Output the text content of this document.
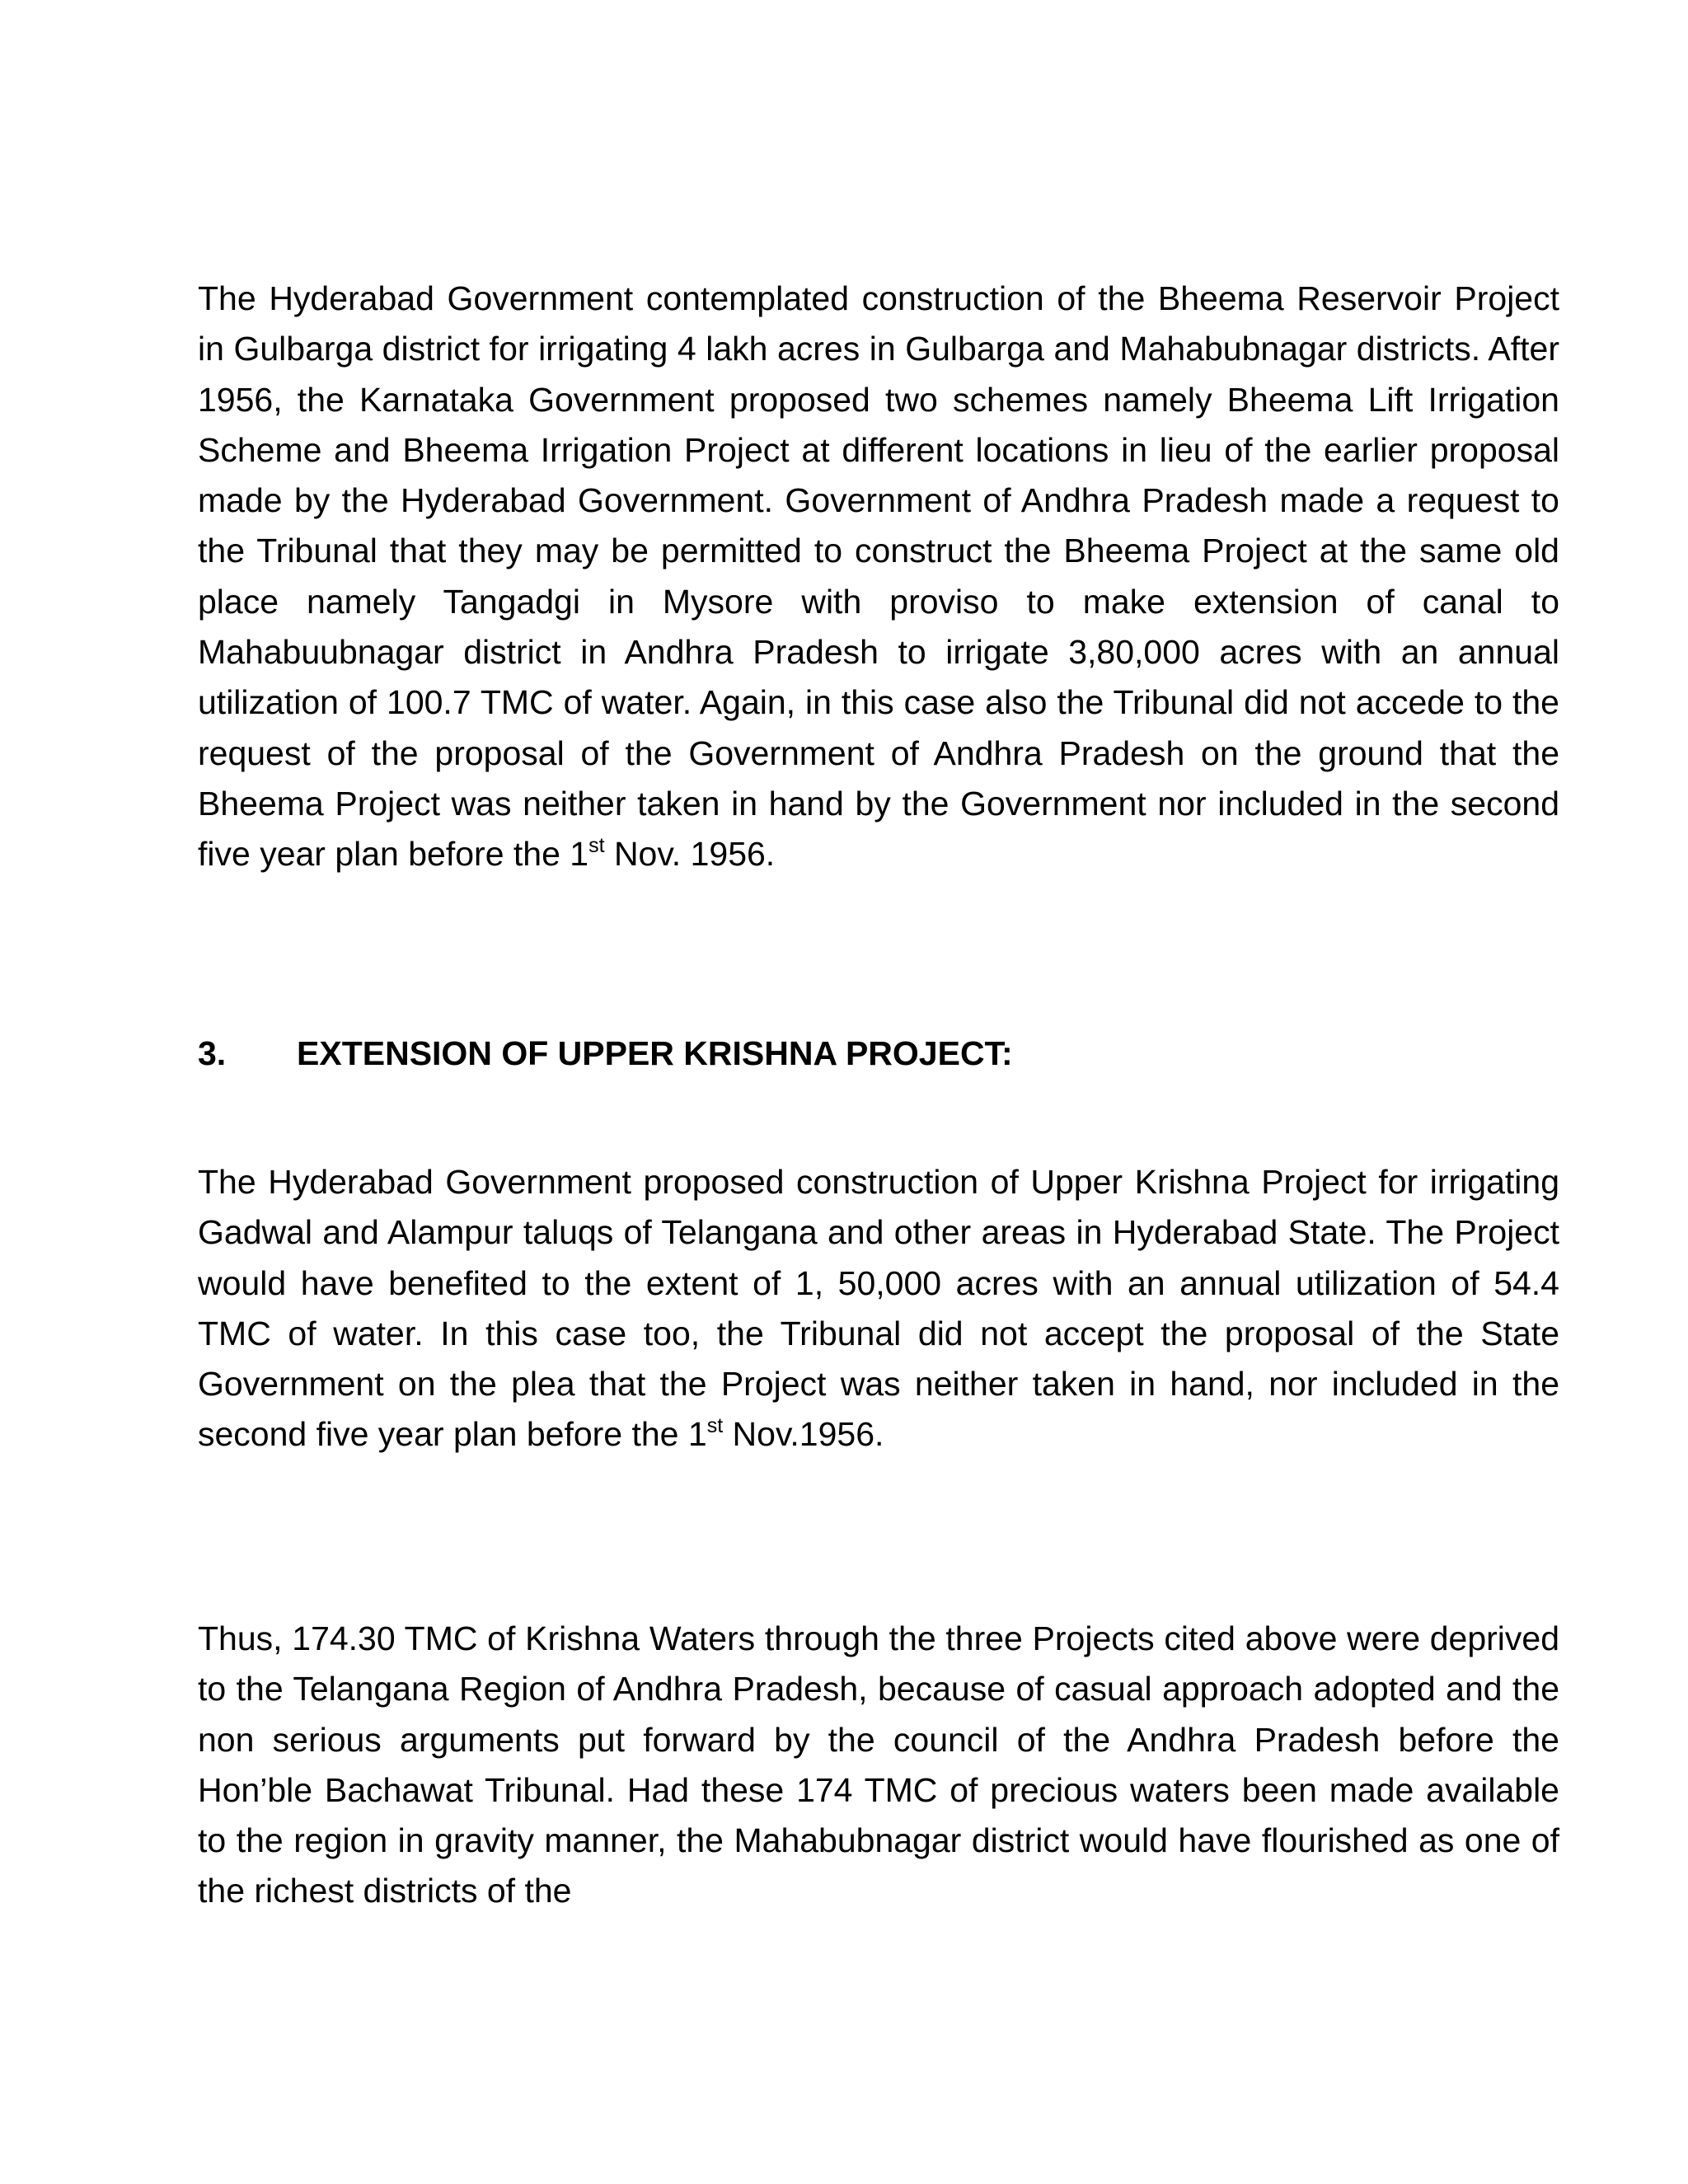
The Hyderabad Government contemplated construction of the Bheema Reservoir Project in Gulbarga district for irrigating 4 lakh acres in Gulbarga and Mahabubnagar districts. After 1956, the Karnataka Government proposed two schemes namely Bheema Lift Irrigation Scheme and Bheema Irrigation Project at different locations in lieu of the earlier proposal made by the Hyderabad Government. Government of Andhra Pradesh made a request to the Tribunal that they may be permitted to construct the Bheema Project at the same old place namely Tangadgi in Mysore with proviso to make extension of canal to Mahabuubnagar district in Andhra Pradesh to irrigate 3,80,000 acres with an annual utilization of 100.7 TMC of water. Again, in this case also the Tribunal did not accede to the request of the proposal of the Government of Andhra Pradesh on the ground that the Bheema Project was neither taken in hand by the Government nor included in the second five year plan before the 1st Nov. 1956.

3. EXTENSION OF UPPER KRISHNA PROJECT:

The Hyderabad Government proposed construction of Upper Krishna Project for irrigating Gadwal and Alampur taluqs of Telangana and other areas in Hyderabad State. The Project would have benefited to the extent of 1, 50,000 acres with an annual utilization of 54.4 TMC of water. In this case too, the Tribunal did not accept the proposal of the State Government on the plea that the Project was neither taken in hand, nor included in the second five year plan before the 1st Nov.1956.

Thus, 174.30 TMC of Krishna Waters through the three Projects cited above were deprived to the Telangana Region of Andhra Pradesh, because of casual approach adopted and the non serious arguments put forward by the council of the Andhra Pradesh before the Hon’ble Bachawat Tribunal. Had these 174 TMC of precious waters been made available to the region in gravity manner, the Mahabubnagar district would have flourished as one of the richest districts of the
